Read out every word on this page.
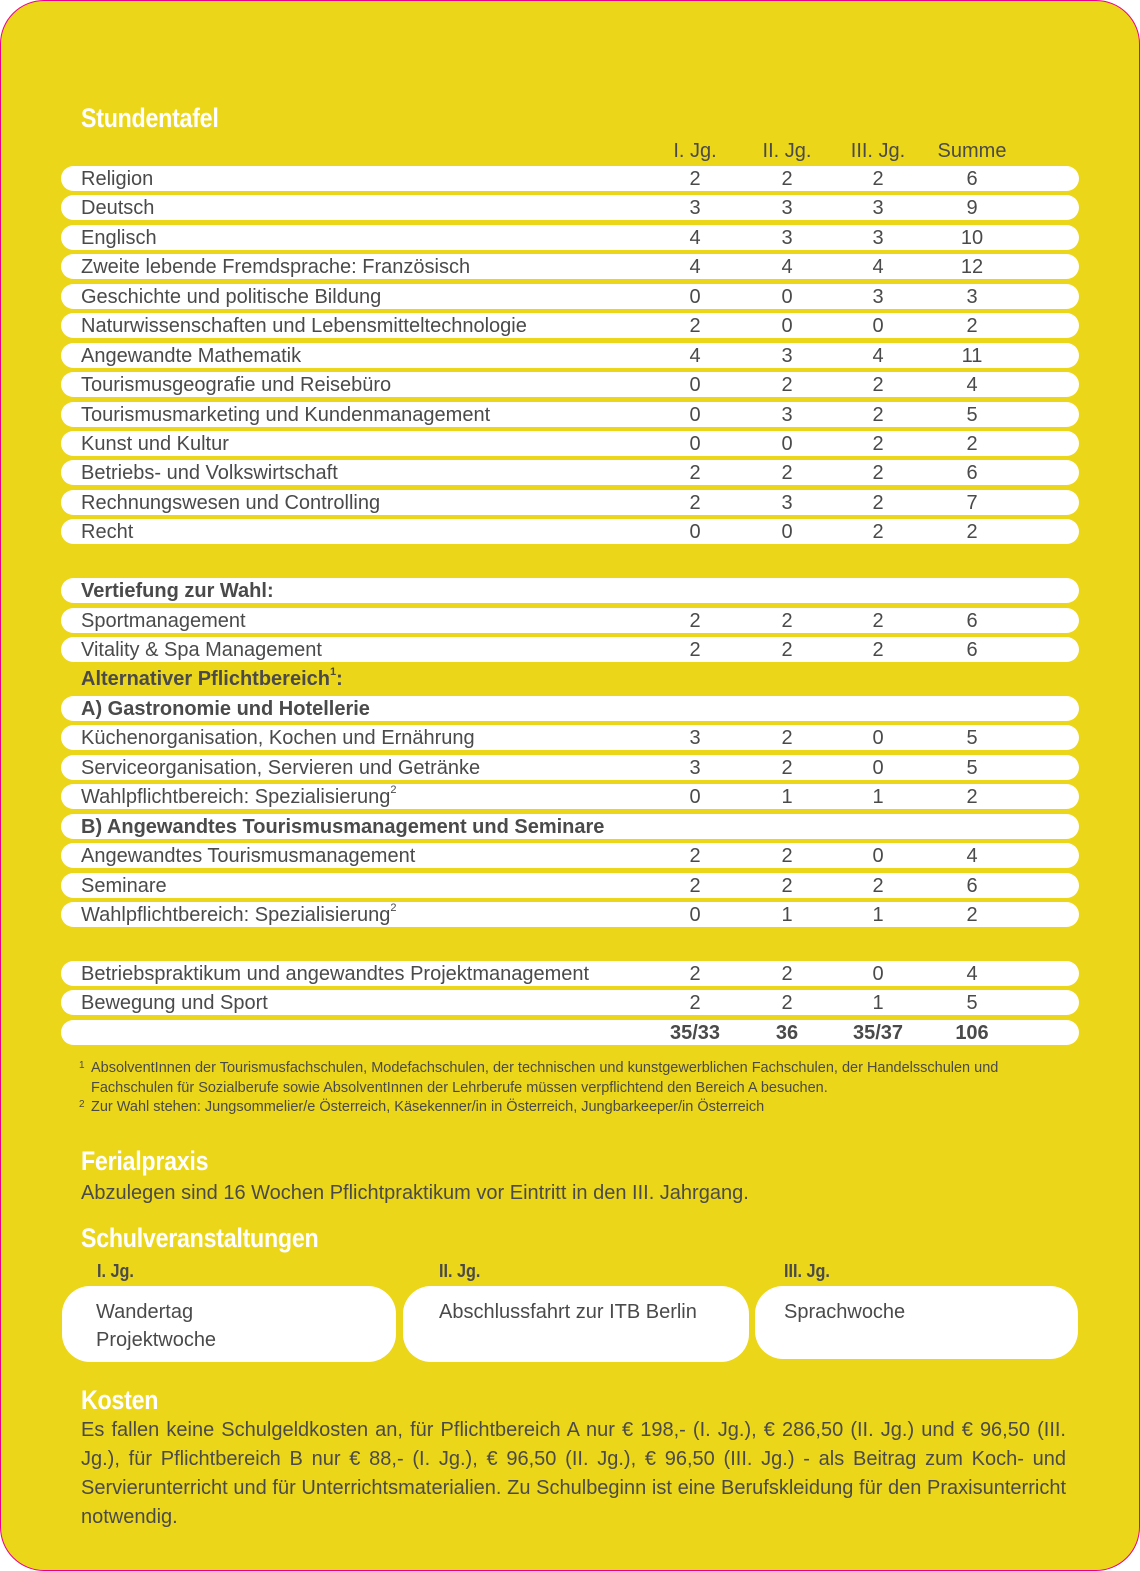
Stundentafel
I. Jg.	II. Jg.	III. Jg.	Summe
Religion	2	2	2	6
Deutsch	3	3	3	9
Englisch	4	3	3	10
Zweite lebende Fremdsprache: Französisch	4	4	4	12
Geschichte und politische Bildung	0	0	3	3
Naturwissenschaften und Lebensmitteltechnologie	2	0	0	2
Angewandte Mathematik	4	3	4	11
Tourismusgeografie und Reisebüro	0	2	2	4
Tourismusmarketing und Kundenmanagement	0	3	2	5
Kunst und Kultur	0	0	2	2
Betriebs- und Volkswirtschaft	2	2	2	6
Rechnungswesen und Controlling	2	3	2	7
Recht	0	0	2	2
Vertiefung zur Wahl:
Sportmanagement	2	2	2	6
Vitality & Spa Management	2	2	2	6
Alternativer Pflichtbereich$^1$:
A) Gastronomie und Hotellerie
Küchenorganisation, Kochen und Ernährung	3	2	0	5
Serviceorganisation, Servieren und Getränke	3	2	0	5
Wahlpflichtbereich: Spezialisierung$^2$	0	1	1	2
B) Angewandtes Tourismusmanagement und Seminare
Angewandtes Tourismusmanagement	2	2	0	4
Seminare	2	2	2	6
Wahlpflichtbereich: Spezialisierung$^2$	0	1	1	2
Betriebspraktikum und angewandtes Projektmanagement	2	2	0	4
Bewegung und Sport	2	2	1	5
35/33	36	35/37	106
1 AbsolventInnen der Tourismusfachschulen, Modefachschulen, der technischen und kunstgewerblichen Fachschulen, der Handelsschulen und Fachschulen für Sozialberufe sowie AbsolventInnen der Lehrberufe müssen verpflichtend den Bereich A besuchen.
2 Zur Wahl stehen: Jungsommelier/e Österreich, Käsekenner/in in Österreich, Jungbarkeeper/in Österreich
Ferialpraxis
Abzulegen sind 16 Wochen Pflichtpraktikum vor Eintritt in den III. Jahrgang.
Schulveranstaltungen
I. Jg.	II. Jg.	III. Jg.
Wandertag
Projektwoche
Abschlussfahrt zur ITB Berlin	Sprachwoche
Kosten
Es fallen keine Schulgeldkosten an, für Pflichtbereich A nur € 198,- (I. Jg.), € 286,50 (II. Jg.) und € 96,50 (III. Jg.), für Pflichtbereich B nur € 88,- (I. Jg.), € 96,50 (II. Jg.), € 96,50 (III. Jg.) - als Beitrag zum Koch- und Servierunterricht und für Unterrichtsmaterialien. Zu Schulbeginn ist eine Berufskleidung für den Praxisunterricht notwendig.
